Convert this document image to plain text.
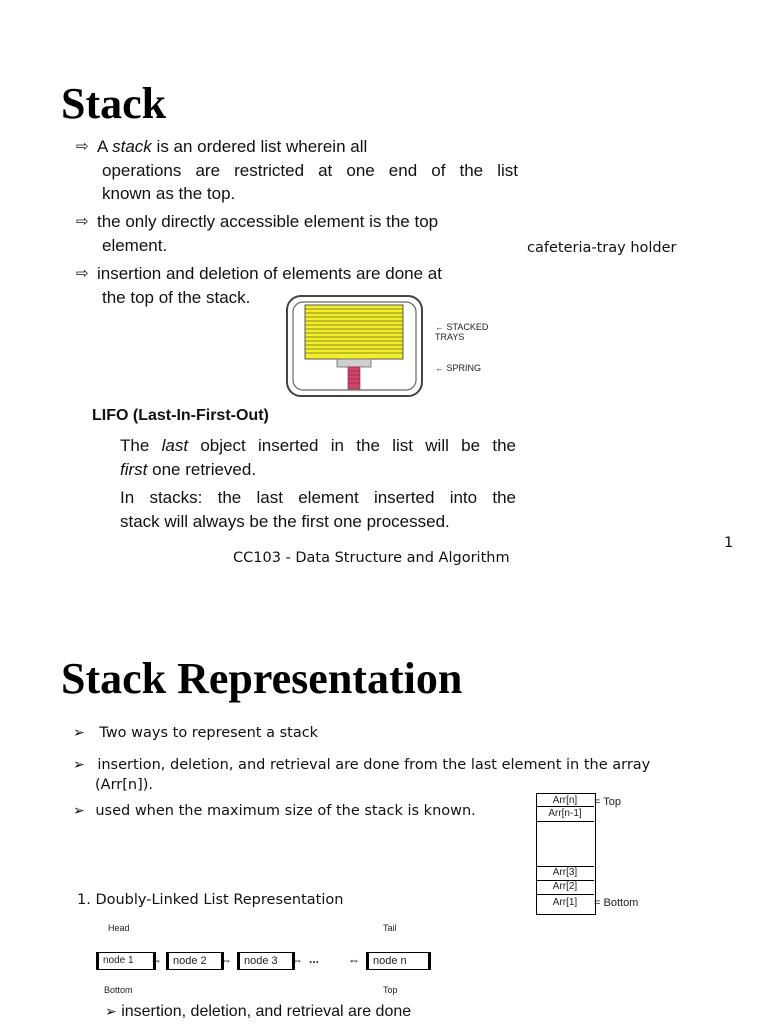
Stack
⇨ A stack is an ordered list wherein all
operations are restricted at one end of the list
known as the top.
⇨ the only directly accessible element is the top
element.	cafeteria-tray holder
⇨ insertion and deletion of elements are done at
the top of the stack.
← STACKED TRAYS
← SPRING
LIFO (Last-In-First-Out)
The last object inserted in the list will be the
first one retrieved.
In stacks: the last element inserted into the
stack will always be the first one processed.
CC103 - Data Structure and Algorithm
1
Stack Representation
➢ Two ways to represent a stack
➢ insertion, deletion, and retrieval are done from the last element in the array
(Arr[n]).
➢ used when the maximum size of the stack is known.
Arr[n]
Arr[n-1]
Arr[3]
Arr[2]
Arr[1]
= Top
= Bottom
1. Doubly-Linked List Representation
Head	Tail
node 1	⇔	node 2	⇔	node 3	⇔ ... ⇔	node n
Bottom	Top
➢ insertion, deletion, and retrieval are done
